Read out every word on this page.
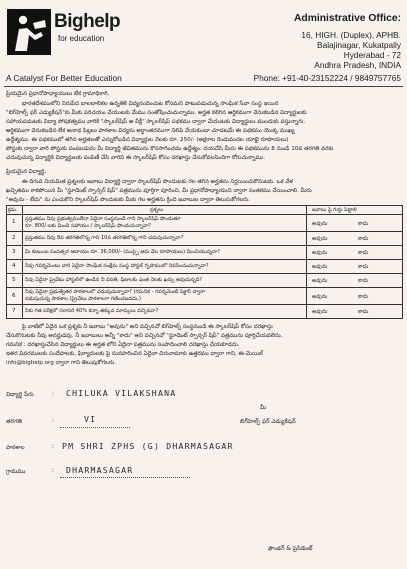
Bighelp
for education
A Catalyst For Better Education
Administrative Office:
16, HIGH. (Duplex), APHB.
Balajinagar, Kukatpally
Hyderabad - 72
Andhra Pradesh, INDIA
Phone: +91-40-23152224 / 9849757765
ప్రియమైన ప్రధానోపాధ్యాయులు లేక గ్రామాధికారి,
భారతదేశములోని నిరుపేద బాలబాలికల ఉన్నతికి విద్యనందించుట కోసమని పాటుపడుచున్న సాంఘిక సేవా సంస్థ ఇయిన
"బిగ్‌హెల్ప్ ఫర్ ఎడ్యుకేషన్"కు మీకు పరిచయం చేయుటకు మేము సంతోషించుచున్నాము. అర్హత కలిగిన ఆర్థికముగా వెనుకబడిన విద్యార్థులకు
సహాయపడుటకు విద్యా పోషకత్వము వారికి "స్కాలర్‌షిప్ ఆ వీక్లీ" స్కాలర్‌షిప్ పథకము ద్వారా చేయుటకు విద్యార్థులు ముందుకు వస్తున్నారు.
ఆర్థికముగా వెనుకబడిన లేక అనాథ పిల్లలు పాఠశాల విద్యను అర్థాంతరముగా నిలిపి వేయకుండా చూడటమే ఈ పథకము యొక్క ముఖ్య
ఉద్దేశ్యము. ఈ పథకములో తగిన అర్హతలతో ఎన్నుకోబడిన విద్యార్థుల నెలకు రూ. 250/- (అక్షరాల రెండువందల యాభై రూపాయలు)
పోస్టుకు ద్వారా వారి పోస్టుకు పంపబడును మీ విద్యార్థి జీవితమును కొనసాగించడం ఉద్దేశ్యం. దయచేసి మీరు ఈ పథకమును 8 నుండి 10వ తరగతి వరకు
చదువుచున్న విద్యార్థికి విద్యార్థులకు పంపిణీ చేసి వారిని ఈ స్కాలర్‌షిప్ కోసం దరఖాస్తు చేసుకోవలసిందిగా కోరుచున్నాము.
ప్రియమైన విద్యార్థి,
ఈ దిగువ నియమిత ప్రశ్నలకు జవాబు విద్యార్థి ద్వారా స్కాలర్‌షిప్ పొందుటకు గల తగిన అర్హతను నిర్ణయించుకొనుటకు. ఒక వేళ
ఖచ్చితము కాకపోయిన మీ "స్టూడెంట్ స్పాన్సర్ షిప్" పత్రమును పూర్తిగా పూరించి, మీ ప్రధానోపాధ్యాయుని ద్వారా సంతకము చేయించాలి. మీరు
"అవును - లేదు" ను ఎంచుకొని స్కాలర్‌షిప్ పొందుటకు మీకు గల అర్హతను క్రింది జవాబుల ద్వారా తెలుసుకోగలరు.
క్రమ.	ప్రశ్నలు	జవాబు పై గుర్తు పెట్టాలి
1 ప్రస్తుతము నీవు ప్రభుత్వములేదా ఏదైనా సంస్థనుండి గాని స్కాలర్‌షిప్ పొందుతూ
రూ. 800/-లకు మించి సహాయం / స్కాలర్‌షిప్ పొందుచున్నావా?	అవును	కాదు
2 ప్రస్తుతము నీవు 8వ తరగతిలోన్న గాని 10వ తరగతిలోన్న గాని చదువుచున్నావా?	అవును	కాదు
3 మీ కుటుంబ సంవత్సర ఆదాయం రూ. 36,000/- (ముప్పై ఆరు వేల రూపాయలు) మించియున్నదా?	అవును	కాదు
4 నీవు గవర్నమెంటు వారి ఏదైనా సాంఘిక సంక్షేమ సంస్థ హాస్టల్ గృహములో నివసించుచున్నావా?	అవును	కాదు
5 నీవు ఏదైనా ప్రైవేటు హాస్టల్‌లో ఉండిన నీ వసతి, ఫీజులకు ఎంత నెలకు ఖర్చు అవుచున్నది?	అవును	కాదు
6
నీవు ఏదైనా ప్రభుత్వేతర పాఠశాలలో చదువుచున్నావా? (గమనిక - గవర్నమెంట్ సెక్టార్ ద్వారా
నడుపుచున్న పాఠశాల (ప్రైవేటు పాఠశాలగా గణించబడదు.)	అవును	కాదు
7 నీకు గత పరీక్షలో సరాసరి 40% కన్నా తక్కువ మార్కులు వచ్చినవా?	అవును	కాదు
పై వాటిలో ఏదైన ఒక ప్రశ్నకు నీ జవాబు "అవును" అని వచ్చినచో బిగ్‌హెల్ప్ సంస్థనుండి ఈ స్కాలర్‌షిప్ కోసం దరఖాస్తు
చేసుకొనుటకు నీవు అనర్హుడవు. నీ జవాబులు అన్నీ "కాదు" అని వచ్చినచో "స్టూడెంట్ స్పాన్సర్ షిప్" పత్రమును పూర్తిచేయవలెను.
గమనిక : దరఖాస్తుచేసిన విద్యార్థులు ఈ అర్హత లోని ఏదైనా పత్రమును సంపాదించాలి దరఖాస్తు చేయకూడదు.
ఇతర వివరములకు సందేహలకు, ఫిర్యాదులకు పై నుదహరించిన ఏదైనా చిరునామాకు ఉత్తరము ద్వారా గాని, ఈ-మెయిల్
info@bighelp.org ద్వారా గాని తెలుపుకోగలరు.
విద్యార్థి పేరు	: CHILUKA VILAKSHANA
మీ
తరగతి	:	VI	బిగ్‌హెల్ప్ ఫర్ ఎడ్యుకేషన్
పాఠశాల	: PM SHRI ZPHS (G) DHARMASAGAR
గ్రామము	: DHARMASAGAR
ఫౌండర్ & ప్రెసిడెంట్
